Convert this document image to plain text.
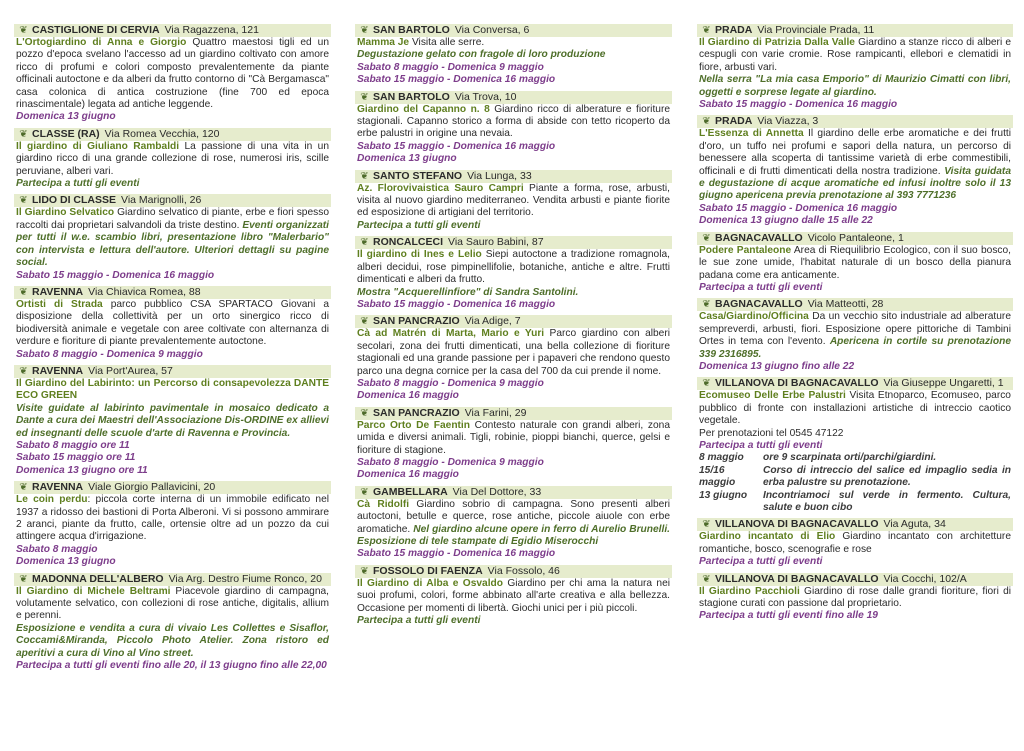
❦ CASTIGLIONE DI CERVIA Via Ragazzena, 121
L'Ortogiardino di Anna e Giorgio Quattro maestosi tigli ed un pozzo d'epoca svelano l'accesso ad un giardino coltivato con amore ricco di profumi e colori composto prevalentemente da piante officinali autoctone e da alberi da frutto contorno di "Cà Bergamasca" casa colonica di antica costruzione (fine 700 ed epoca rinascimentale) legata ad antiche leggende.
Domenica 13 giugno
❦ CLASSE (RA) Via Romea Vecchia, 120
Il giardino di Giuliano Rambaldi La passione di una vita in un giardino ricco di una grande collezione di rose, numerosi iris, scille peruviane, alberi vari.
Partecipa a tutti gli eventi
❦ LIDO DI CLASSE Via Marignolli, 26
Il Giardino Selvatico Giardino selvatico di piante, erbe e fiori spesso raccolti dai proprietari salvandoli da triste destino. Eventi organizzati per tutti il w.e. scambio libri, presentazione libro "Malerbario" con intervista e lettura dell'autore. Ulteriori dettagli su pagine social.
Sabato 15 maggio - Domenica 16 maggio
❦ RAVENNA Via Chiavica Romea, 88
Ortisti di Strada parco pubblico CSA SPARTACO Giovani a disposizione della collettività per un orto sinergico ricco di biodiversità animale e vegetale con aree coltivate con alternanza di verdure e fioriture di piante prevalentemente autoctone.
Sabato 8 maggio - Domenica 9 maggio
❦ RAVENNA Via Port'Aurea, 57
Il Giardino del Labirinto: un Percorso di consapevolezza DANTE ECO GREEN
Visite guidate al labirinto pavimentale in mosaico dedicato a Dante a cura dei Maestri dell'Associazione Dis-ORDINE ex allievi ed insegnanti delle scuole d'arte di Ravenna e Provincia.
Sabato 8 maggio ore 11
Sabato 15 maggio ore 11
Domenica 13 giugno ore 11
❦ RAVENNA Viale Giorgio Pallavicini, 20
Le coin perdu: piccola corte interna di un immobile edificato nel 1937 a ridosso dei bastioni di Porta Alberoni. Vi si possono ammirare 2 aranci, piante da frutto, calle, ortensie oltre ad un pozzo da cui attingere acqua d'irrigazione.
Sabato 8 maggio
Domenica 13 giugno
❦ MADONNA DELL'ALBERO Via Arg. Destro Fiume Ronco, 20
Il Giardino di Michele Beltrami Piacevole giardino di campagna, volutamente selvatico, con collezioni di rose antiche, digitalis, allium e perenni.
Esposizione e vendita a cura di vivaio Les Collettes e Sisaflor, Coccami&Miranda, Piccolo Photo Atelier. Zona ristoro ed aperitivi a cura di Vino al Vino street.
Partecipa a tutti gli eventi fino alle 20, il 13 giugno fino alle 22,00
❦ SAN BARTOLO Via Conversa, 6
Mamma Je Visita alle serre.
Degustazione gelato con fragole di loro produzione
Sabato 8 maggio - Domenica 9 maggio
Sabato 15 maggio - Domenica 16 maggio
❦ SAN BARTOLO Via Trova, 10
Giardino del Capanno n. 8 Giardino ricco di alberature e fioriture stagionali. Capanno storico a forma di abside con tetto ricoperto da erbe palustri in origine una nevaia.
Sabato 15 maggio - Domenica 16 maggio
Domenica 13 giugno
❦ SANTO STEFANO Via Lunga, 33
Az. Florovivaistica Sauro Campri Piante a forma, rose, arbusti, visita al nuovo giardino mediterraneo. Vendita arbusti e piante fiorite ed esposizione di artigiani del territorio.
Partecipa a tutti gli eventi
❦ RONCALCECI Via Sauro Babini, 87
Il giardino di Ines e Lelio Siepi autoctone a tradizione romagnola, alberi decidui, rose pimpinellifolie, botaniche, antiche e altre. Frutti dimenticati e alberi da frutto.
Mostra "Acquerellinfiore" di Sandra Santolini.
Sabato 15 maggio - Domenica 16 maggio
❦ SAN PANCRAZIO Via Adige, 7
Cà ad Matrén di Marta, Mario e Yuri Parco giardino con alberi secolari, zona dei frutti dimenticati, una bella collezione di fioriture stagionali ed una grande passione per i papaveri che rendono questo parco una degna cornice per la casa del 700 da cui prende il nome.
Sabato 8 maggio - Domenica 9 maggio
Domenica 16 maggio
❦ SAN PANCRAZIO Via Farini, 29
Parco Orto De Faentin Contesto naturale con grandi alberi, zona umida e diversi animali. Tigli, robinie, pioppi bianchi, querce, gelsi e fioriture di stagione.
Sabato 8 maggio - Domenica 9 maggio
Domenica 16 maggio
❦ GAMBELLARA Via Del Dottore, 33
Cà Ridolfi Giardino sobrio di campagna. Sono presenti alberi autoctoni, betulle e querce, rose antiche, piccole aiuole con erbe aromatiche. Nel giardino alcune opere in ferro di Aurelio Brunelli. Esposizione di tele stampate di Egidio Miserocchi
Sabato 15 maggio - Domenica 16 maggio
❦ FOSSOLO DI FAENZA Via Fossolo, 46
Il Giardino di Alba e Osvaldo Giardino per chi ama la natura nei suoi profumi, colori, forme abbinato all'arte creativa e alla bellezza. Occasione per momenti di libertà. Giochi unici per i più piccoli.
Partecipa a tutti gli eventi
❦ PRADA Via Provinciale Prada, 11
Il Giardino di Patrizia Dalla Valle Giardino a stanze ricco di alberi e cespugli con varie cromie. Rose rampicanti, ellebori e clematidi in fiore, arbusti vari.
Nella serra "La mia casa Emporio" di Maurizio Cimatti con libri, oggetti e sorprese legate al giardino.
Sabato 15 maggio - Domenica 16 maggio
❦ PRADA Via Viazza, 3
L'Essenza di Annetta Il giardino delle erbe aromatiche e dei frutti d'oro, un tuffo nei profumi e sapori della natura, un percorso di benessere alla scoperta di tantissime varietà di erbe commestibili, officinali e di frutti dimenticati della nostra tradizione. Visita guidata e degustazione di acque aromatiche ed infusi inoltre solo il 13 giugno apericena previa prenotazione al 393 7771236
Sabato 15 maggio - Domenica 16 maggio
Domenica 13 giugno dalle 15 alle 22
❦ BAGNACAVALLO Vicolo Pantaleone, 1
Podere Pantaleone Area di Riequilibrio Ecologico, con il suo bosco, le sue zone umide, l'habitat naturale di un bosco della pianura padana come era anticamente.
Partecipa a tutti gli eventi
❦ BAGNACAVALLO Via Matteotti, 28
Casa/Giardino/Officina Da un vecchio sito industriale ad alberature sempreverdi, arbusti, fiori. Esposizione opere pittoriche di Tambini Ortes in tema con l'evento. Apericena in cortile su prenotazione 339 2316895.
Domenica 13 giugno fino alle 22
❦ VILLANOVA DI BAGNACAVALLO Via Giuseppe Ungaretti, 1
Ecomuseo Delle Erbe Palustri Visita Etnoparco, Ecomuseo, parco pubblico di fronte con installazioni artistiche di intreccio caotico vegetale.
Per prenotazioni tel 0545 47122
Partecipa a tutti gli eventi
8 maggio	ore 9 scarpinata orti/parchi/giardini.
15/16 maggio
Corso di intreccio del salice ed impaglio sedia in erba palustre su prenotazione.
13 giugno	Incontriamoci sul verde in fermento. Cultura, salute e buon cibo
❦ VILLANOVA DI BAGNACAVALLO Via Aguta, 34
Giardino incantato di Elio Giardino incantato con architetture romantiche, bosco, scenografie e rose
Partecipa a tutti gli eventi
❦ VILLANOVA DI BAGNACAVALLO Via Cocchi, 102/A
Il Giardino Pacchioli Giardino di rose dalle grandi fioriture, fiori di stagione curati con passione dal proprietario.
Partecipa a tutti gli eventi fino alle 19
